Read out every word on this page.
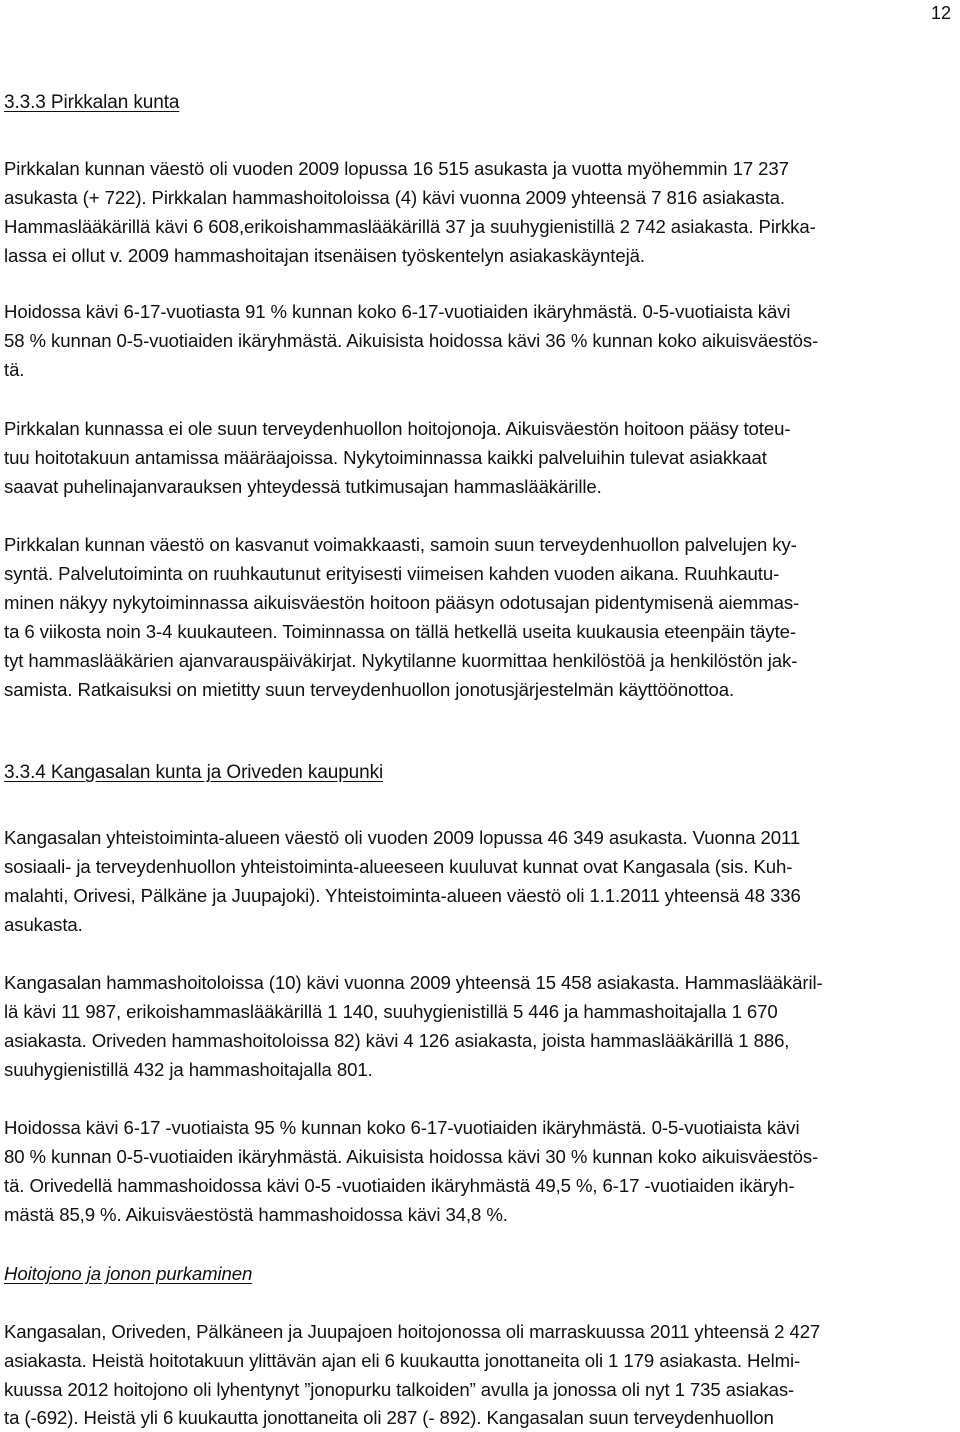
12
3.3.3 Pirkkalan kunta
Pirkkalan kunnan väestö oli vuoden 2009 lopussa 16 515 asukasta ja vuotta myöhemmin 17 237
asukasta (+ 722). Pirkkalan hammashoitoloissa (4) kävi vuonna 2009 yhteensä 7 816 asiakasta.
Hammaslääkärillä kävi 6 608,erikoishammaslääkärillä 37 ja suuhygienistillä 2 742 asiakasta. Pirkka-
lassa ei ollut v. 2009 hammashoitajan itsenäisen työskentelyn asiakaskäyntejä.
Hoidossa kävi 6-17-vuotiasta 91 % kunnan koko 6-17-vuotiaiden ikäryhmästä. 0-5-vuotiaista kävi
58 % kunnan 0-5-vuotiaiden ikäryhmästä. Aikuisista hoidossa kävi 36 % kunnan koko aikuisväestös-
tä.
Pirkkalan kunnassa ei ole suun terveydenhuollon hoitojonoja. Aikuisväestön hoitoon pääsy toteu-
tuu hoitotakuun antamissa määräajoissa. Nykytoiminnassa kaikki palveluihin tulevat asiakkaat
saavat puhelinajanvarauksen yhteydessä tutkimusajan hammaslääkärille.
Pirkkalan kunnan väestö on kasvanut voimakkaasti, samoin suun terveydenhuollon palvelujen ky-
syntä. Palvelutoiminta on ruuhkautunut erityisesti viimeisen kahden vuoden aikana. Ruuhkautu-
minen näkyy nykytoiminnassa aikuisväestön hoitoon pääsyn odotusajan pidentymisenä aiemmas-
ta 6 viikosta noin 3-4 kuukauteen. Toiminnassa on tällä hetkellä useita kuukausia eteenpäin täyte-
tyt hammaslääkärien ajanvarauspäiväkirjat. Nykytilanne kuormittaa henkilöstöä ja henkilöstön jak-
samista. Ratkaisuksi on mietitty suun terveydenhuollon jonotusjärjestelmän käyttöönottoa.
3.3.4 Kangasalan kunta ja Oriveden kaupunki
Kangasalan yhteistoiminta-alueen väestö oli vuoden 2009 lopussa 46 349 asukasta. Vuonna 2011
sosiaali- ja terveydenhuollon yhteistoiminta-alueeseen kuuluvat kunnat ovat Kangasala (sis. Kuh-
malahti, Orivesi, Pälkäne ja Juupajoki). Yhteistoiminta-alueen väestö oli 1.1.2011 yhteensä 48 336
asukasta.
Kangasalan hammashoitoloissa (10) kävi vuonna 2009 yhteensä 15 458 asiakasta. Hammaslääkäril-
lä kävi 11 987, erikoishammaslääkärillä 1 140, suuhygienistillä 5 446 ja hammashoitajalla 1 670
asiakasta. Oriveden hammashoitoloissa 82) kävi 4 126 asiakasta, joista hammaslääkärillä 1 886,
suuhygienistillä 432 ja hammashoitajalla 801.
Hoidossa kävi 6-17 -vuotiaista 95 % kunnan koko 6-17-vuotiaiden ikäryhmästä. 0-5-vuotiaista kävi
80 % kunnan 0-5-vuotiaiden ikäryhmästä. Aikuisista hoidossa kävi 30 % kunnan koko aikuisväestös-
tä. Orivedellä hammashoidossa kävi 0-5 -vuotiaiden ikäryhmästä 49,5 %, 6-17 -vuotiaiden ikäryh-
mästä 85,9 %. Aikuisväestöstä hammashoidossa kävi 34,8 %.
Hoitojono ja jonon purkaminen
Kangasalan, Oriveden, Pälkäneen ja Juupajoen hoitojonossa oli marraskuussa 2011 yhteensä 2 427
asiakasta. Heistä hoitotakuun ylittävän ajan eli 6 kuukautta jonottaneita oli 1 179 asiakasta. Helmi-
kuussa 2012 hoitojono oli lyhentynyt ”jonopurku talkoiden” avulla ja jonossa oli nyt 1 735 asiakas-
ta (-692). Heistä yli 6 kuukautta jonottaneita oli 287 (- 892). Kangasalan suun terveydenhuollon
